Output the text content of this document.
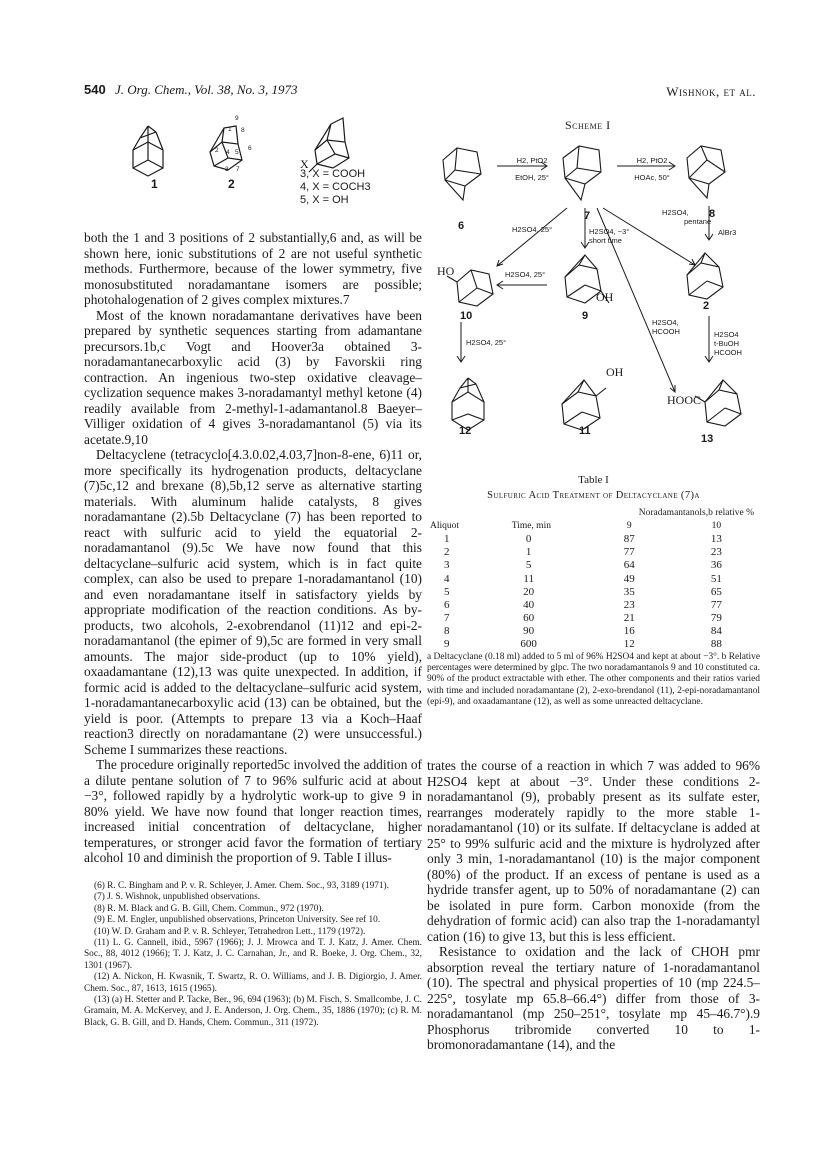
540 J. Org. Chem., Vol. 38, No. 3, 1973	Wishnok, et al.
1	2
9
1 8
2 4 5
6
3 7	X
3, X = COOH
4, X = COCH3
5, X = OH
Scheme I
H2, PtO2
EtOH, 25°
H2, PtO2
HOAc, 50°
H2SO4, 25°	H2SO4, −3°
short time
H2SO4,
pentane
AlBr3
H2SO4, 25°
H2SO4, 25°
H2SO4,
HCOOH	H2SO4
t-BuOH
HCOOH
6
7	8
10	9
2
12	11
13
HO
OH
OH
HOOC

both the 1 and 3 positions of 2 substantially,6 and, as will be shown here, ionic substitutions of 2 are not useful synthetic methods. Furthermore, because of the lower symmetry, five monosubstituted noradamantane isomers are possible; photohalogenation of 2 gives complex mixtures.7

Most of the known noradamantane derivatives have been prepared by synthetic sequences starting from adamantane precursors.1b,c Vogt and Hoover3a obtained 3-noradamantanecarboxylic acid (3) by Favorskii ring contraction. An ingenious two-step oxidative cleavage–cyclization sequence makes 3-noradamantyl methyl ketone (4) readily available from 2-methyl-1-adamantanol.8 Baeyer–Villiger oxidation of 4 gives 3-noradamantanol (5) via its acetate.9,10

Deltacyclene (tetracyclo[4.3.0.02,4.03,7]non-8-ene, 6)11 or, more specifically its hydrogenation products, deltacyclane (7)5c,12 and brexane (8),5b,12 serve as alternative starting materials. With aluminum halide catalysts, 8 gives noradamantane (2).5b Deltacyclane (7) has been reported to react with sulfuric acid to yield the equatorial 2-noradamantanol (9).5c We have now found that this deltacyclane–sulfuric acid system, which is in fact quite complex, can also be used to prepare 1-noradamantanol (10) and even noradamantane itself in satisfactory yields by appropriate modification of the reaction conditions. As by-products, two alcohols, 2-exobrendanol (11)12 and epi-2-noradamantanol (the epimer of 9),5c are formed in very small amounts. The major side-product (up to 10% yield), oxaadamantane (12),13 was quite unexpected. In addition, if formic acid is added to the deltacyclane–sulfuric acid system, 1-noradamantanecarboxylic acid (13) can be obtained, but the yield is poor. (Attempts to prepare 13 via a Koch–Haaf reaction3 directly on noradamantane (2) were unsuccessful.) Scheme I summarizes these reactions.

The procedure originally reported5c involved the addition of a dilute pentane solution of 7 to 96% sulfuric acid at about −3°, followed rapidly by a hydrolytic work-up to give 9 in 80% yield. We have now found that longer reaction times, increased initial concentration of deltacyclane, higher temperatures, or stronger acid favor the formation of tertiary alcohol 10 and diminish the proportion of 9. Table I illus-

(6) R. C. Bingham and P. v. R. Schleyer, J. Amer. Chem. Soc., 93, 3189 (1971).

(7) J. S. Wishnok, unpublished observations.

(8) R. M. Black and G. B. Gill, Chem. Commun., 972 (1970).

(9) E. M. Engler, unpublished observations, Princeton University. See ref 10.

(10) W. D. Graham and P. v. R. Schleyer, Tetrahedron Lett., 1179 (1972).

(11) L. G. Cannell, ibid., 5967 (1966); J. J. Mrowca and T. J. Katz, J. Amer. Chem. Soc., 88, 4012 (1966); T. J. Katz, J. C. Carnahan, Jr., and R. Boeke, J. Org. Chem., 32, 1301 (1967).

(12) A. Nickon, H. Kwasnik, T. Swartz, R. O. Williams, and J. B. Digiorgio, J. Amer. Chem. Soc., 87, 1613, 1615 (1965).

(13) (a) H. Stetter and P. Tacke, Ber., 96, 694 (1963); (b) M. Fisch, S. Smallcombe, J. C. Gramain, M. A. McKervey, and J. E. Anderson, J. Org. Chem., 35, 1886 (1970); (c) R. M. Black, G. B. Gill, and D. Hands, Chem. Commun., 311 (1972).

Table I
Sulfuric Acid Treatment of Deltacyclane (7)a
		Noradamantanols,b relative %	
Aliquot	Time, min	9	10
1	0	87	13
2	1	77	23
3	5	64	36
4	11	49	51
5	20	35	65
6	40	23	77
7	60	21	79
8	90	16	84
9	600	12	88
a Deltacyclane (0.18 ml) added to 5 ml of 96% H2SO4 and kept at about −3°. b Relative percentages were determined by glpc. The two noradamantanols 9 and 10 constituted ca. 90% of the product extractable with ether. The other components and their ratios varied with time and included noradamantane (2), 2-exo-brendanol (11), 2-epi-noradamantanol (epi-9), and oxaadamantane (12), as well as some unreacted deltacyclane.

trates the course of a reaction in which 7 was added to 96% H2SO4 kept at about −3°. Under these conditions 2-noradamantanol (9), probably present as its sulfate ester, rearranges moderately rapidly to the more stable 1-noradamantanol (10) or its sulfate. If deltacyclane is added at 25° to 99% sulfuric acid and the mixture is hydrolyzed after only 3 min, 1-noradamantanol (10) is the major component (80%) of the product. If an excess of pentane is used as a hydride transfer agent, up to 50% of noradamantane (2) can be isolated in pure form. Carbon monoxide (from the dehydration of formic acid) can also trap the 1-noradamantyl cation (16) to give 13, but this is less efficient.

Resistance to oxidation and the lack of CHOH pmr absorption reveal the tertiary nature of 1-noradamantanol (10). The spectral and physical properties of 10 (mp 224.5–225°, tosylate mp 65.8–66.4°) differ from those of 3-noradamantanol (mp 250–251°, tosylate mp 45–46.7°).9 Phosphorus tribromide converted 10 to 1-bromonoradamantane (14), and the
